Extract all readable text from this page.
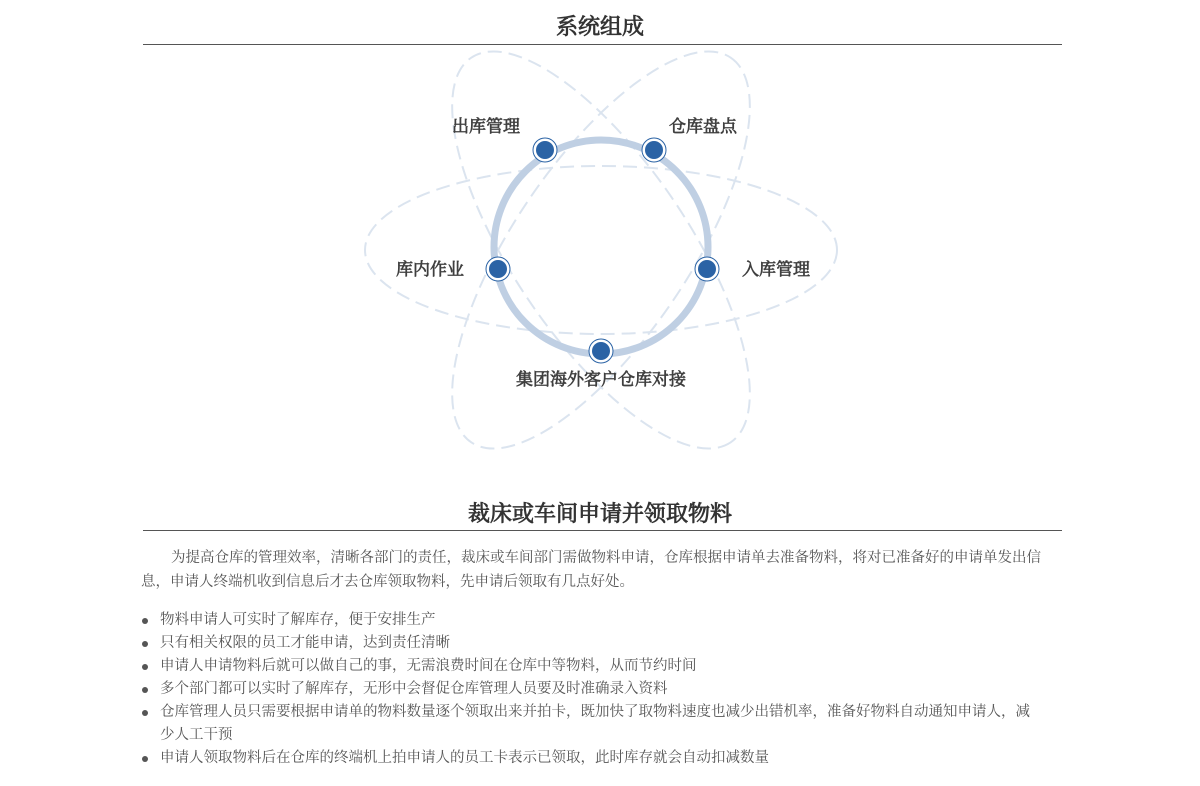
系统组成
出库管理	仓库盘点
库内作业	入库管理
集团海外客户仓库对接
裁床或车间申请并领取物料

为提高仓库的管理效率，清晰各部门的责任，裁床或车间部门需做物料申请，仓库根据申请单去准备物料，将对已准备好的申请单发出信息，申请人终端机收到信息后才去仓库领取物料，先申请后领取有几点好处。

物料申请人可实时了解库存，便于安排生产
只有相关权限的员工才能申请，达到责任清晰
申请人申请物料后就可以做自己的事，无需浪费时间在仓库中等物料，从而节约时间
多个部门都可以实时了解库存，无形中会督促仓库管理人员要及时准确录入资料
仓库管理人员只需要根据申请单的物料数量逐个领取出来并拍卡，既加快了取物料速度也减少出错机率，准备好物料自动通知申请人，减少人工干预
申请人领取物料后在仓库的终端机上拍申请人的员工卡表示已领取，此时库存就会自动扣减数量
